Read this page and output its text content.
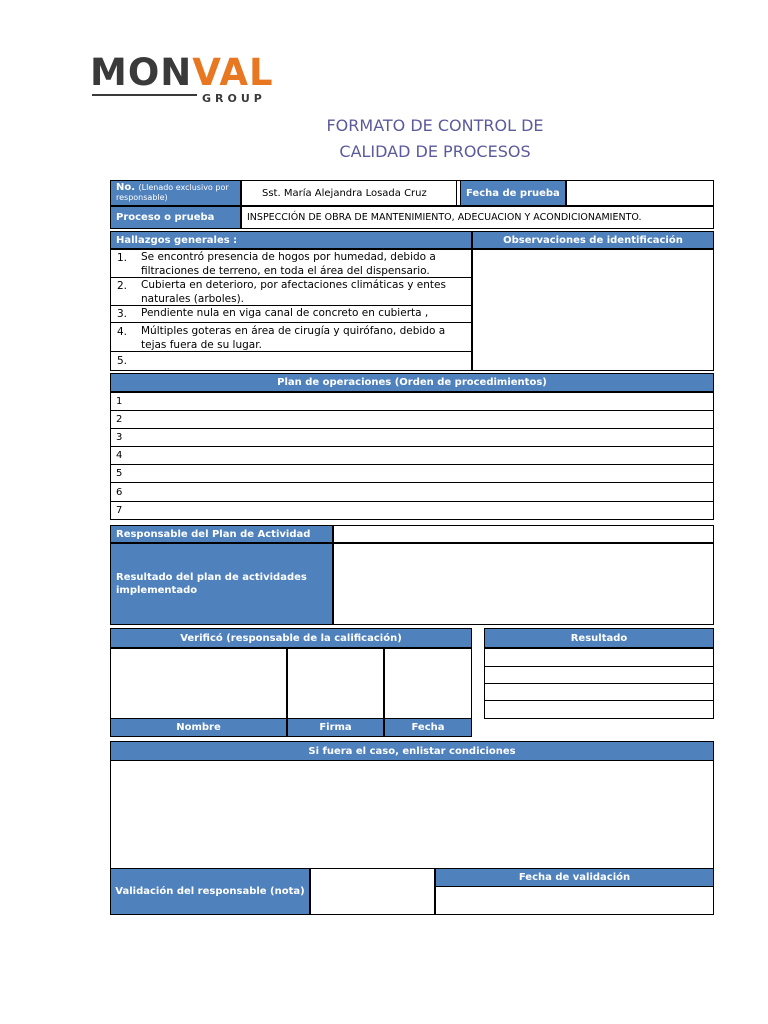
MONVAL
GROUP
FORMATO DE CONTROL DE
CALIDAD DE PROCESOS
No. (Llenado exclusivo por responsable)	Sst. María Alejandra Losada Cruz	Fecha de prueba
Proceso o prueba	INSPECCIÓN DE OBRA DE MANTENIMIENTO, ADECUACION Y ACONDICIONAMIENTO.
Hallazgos generales :	Observaciones de identificación
1.	Se encontró presencia de hogos por humedad, debido a filtraciones de terreno, en toda el área del dispensario.
2.	Cubierta en deterioro, por afectaciones climáticas y entes naturales (arboles).
3.	Pendiente nula en viga canal de concreto en cubierta ,
4.	Múltiples goteras en área de cirugía y quirófano, debido a tejas fuera de su lugar.
5.
Plan de operaciones (Orden de procedimientos)
1
2
3
4
5
6
7
Responsable del Plan de Actividad
Resultado del plan de actividades implementado
Verificó (responsable de la calificación)
Nombre	Firma	Fecha
Resultado
Si fuera el caso, enlistar condiciones
Validación del responsable (nota)
Fecha de validación
